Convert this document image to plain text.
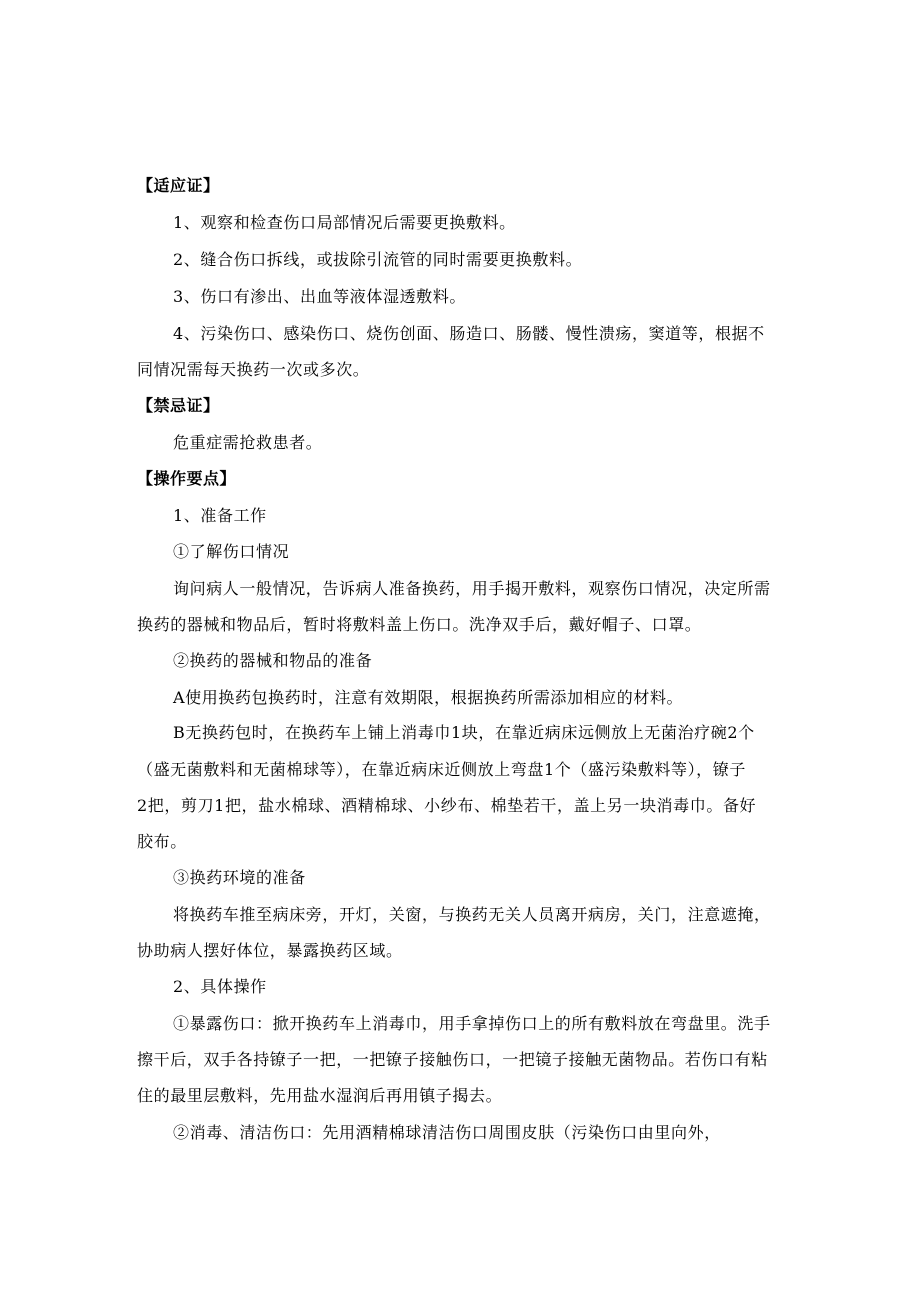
【适应证】
1、观察和检查伤口局部情况后需要更换敷料。
2、缝合伤口拆线，或拔除引流管的同时需要更换敷料。
3、伤口有渗出、出血等液体湿透敷料。
4、污染伤口、感染伤口、烧伤创面、肠造口、肠髅、慢性溃疡，窦道等，根据不
同情况需每天换药一次或多次。
【禁忌证】
危重症需抢救患者。
【操作要点】
1、准备工作
①了解伤口情况
询问病人一般情况，告诉病人准备换药，用手揭开敷料，观察伤口情况，决定所需
换药的器械和物品后，暂时将敷料盖上伤口。洗净双手后，戴好帽子、口罩。
②换药的器械和物品的准备
A使用换药包换药时，注意有效期限，根据换药所需添加相应的材料。
B无换药包时，在换药车上铺上消毒巾1块，在靠近病床远侧放上无菌治疗碗2个
（盛无菌敷料和无菌棉球等），在靠近病床近侧放上弯盘1个（盛污染敷料等），镣子
2把，剪刀1把，盐水棉球、酒精棉球、小纱布、棉垫若干，盖上另一块消毒巾。备好
胶布。
③换药环境的准备
将换药车推至病床旁，开灯，关窗，与换药无关人员离开病房，关门，注意遮掩，
协助病人摆好体位，暴露换药区域。
2、具体操作
①暴露伤口：掀开换药车上消毒巾，用手拿掉伤口上的所有敷料放在弯盘里。洗手
擦干后，双手各持镣子一把，一把镣子接触伤口，一把镜子接触无菌物品。若伤口有粘
住的最里层敷料，先用盐水湿润后再用镇子揭去。
②消毒、清洁伤口：先用酒精棉球清洁伤口周围皮肤（污染伤口由里向外，
